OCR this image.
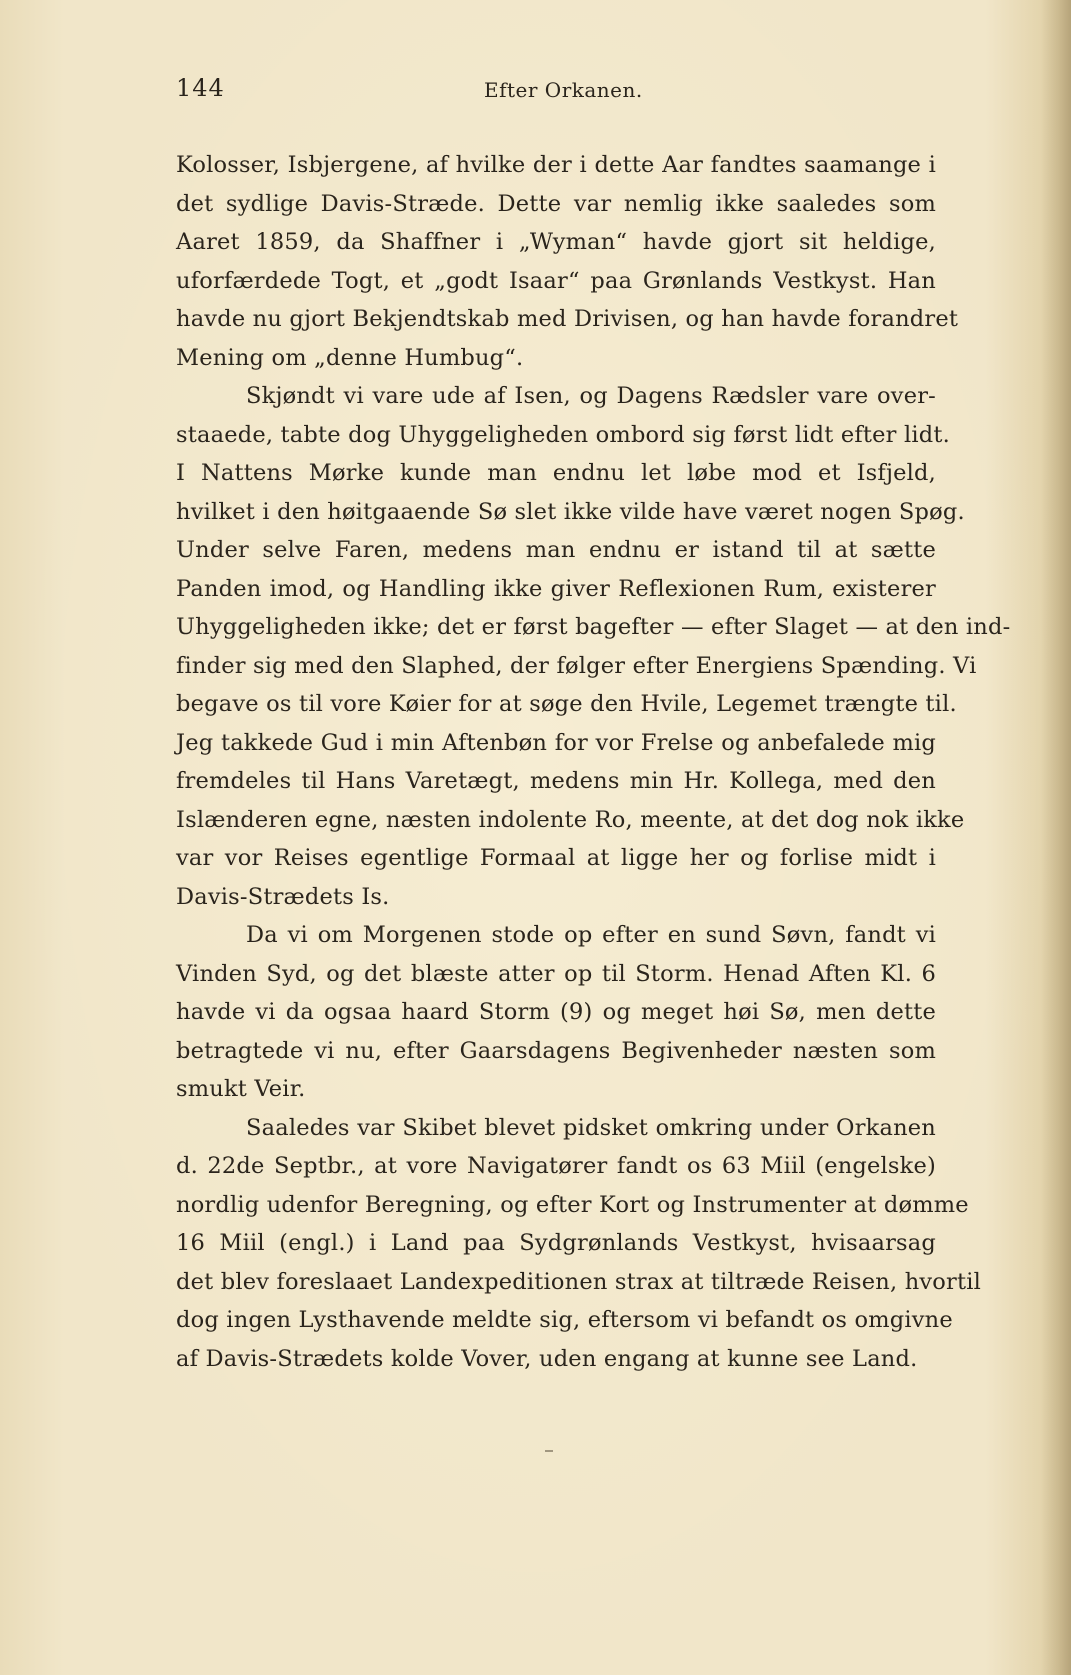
144	Efter Orkanen.
Kolosser, Isbjergene, af hvilke der i dette Aar fandtes saamange i
det sydlige Davis-Stræde. Dette var nemlig ikke saaledes som
Aaret 1859, da Shaffner i „Wyman“ havde gjort sit heldige,
uforfærdede Togt, et „godt Isaar“ paa Grønlands Vestkyst. Han
havde nu gjort Bekjendtskab med Drivisen, og han havde forandret
Mening om „denne Humbug“.
Skjøndt vi vare ude af Isen, og Dagens Rædsler vare over-
staaede, tabte dog Uhyggeligheden ombord sig først lidt efter lidt.
I Nattens Mørke kunde man endnu let løbe mod et Isfjeld,
hvilket i den høitgaaende Sø slet ikke vilde have været nogen Spøg.
Under selve Faren, medens man endnu er istand til at sætte
Panden imod, og Handling ikke giver Reflexionen Rum, existerer
Uhyggeligheden ikke; det er først bagefter — efter Slaget — at den ind-
finder sig med den Slaphed, der følger efter Energiens Spænding. Vi
begave os til vore Køier for at søge den Hvile, Legemet trængte til.
Jeg takkede Gud i min Aftenbøn for vor Frelse og anbefalede mig
fremdeles til Hans Varetægt, medens min Hr. Kollega, med den
Islænderen egne, næsten indolente Ro, meente, at det dog nok ikke
var vor Reises egentlige Formaal at ligge her og forlise midt i
Davis-Strædets Is.
Da vi om Morgenen stode op efter en sund Søvn, fandt vi
Vinden Syd, og det blæste atter op til Storm. Henad Aften Kl. 6
havde vi da ogsaa haard Storm (9) og meget høi Sø, men dette
betragtede vi nu, efter Gaarsdagens Begivenheder næsten som
smukt Veir.
Saaledes var Skibet blevet pidsket omkring under Orkanen
d. 22de Septbr., at vore Navigatører fandt os 63 Miil (engelske)
nordlig udenfor Beregning, og efter Kort og Instrumenter at dømme
16 Miil (engl.) i Land paa Sydgrønlands Vestkyst, hvisaarsag
det blev foreslaaet Landexpeditionen strax at tiltræde Reisen, hvortil
dog ingen Lysthavende meldte sig, eftersom vi befandt os omgivne
af Davis-Strædets kolde Vover, uden engang at kunne see Land.
